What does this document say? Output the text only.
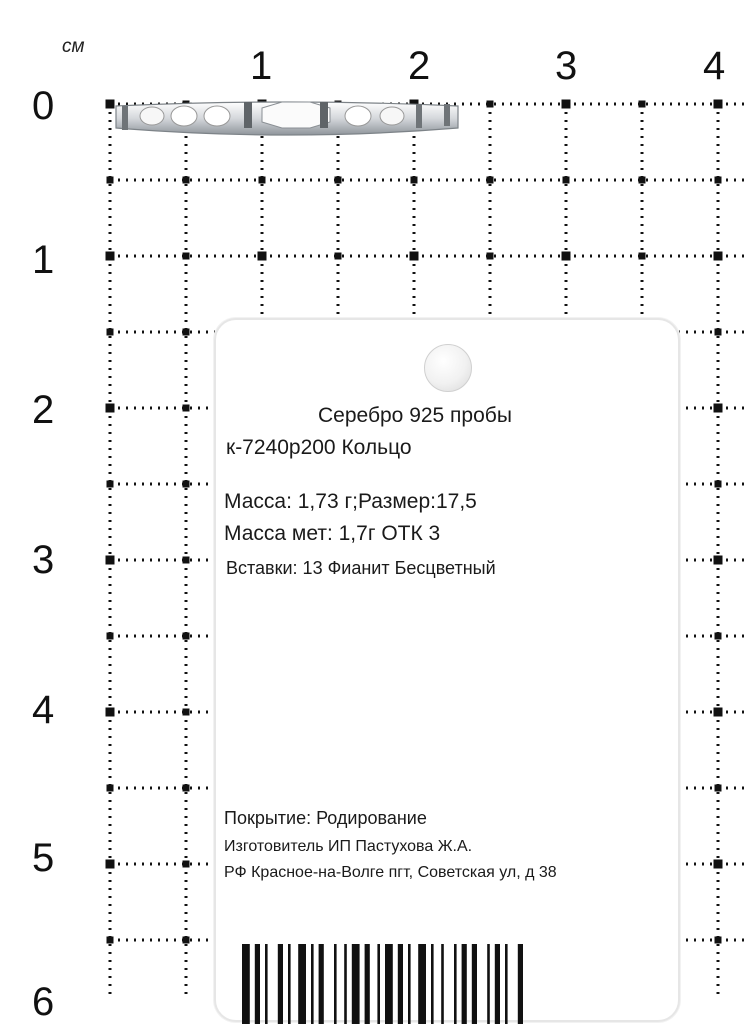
см	1	2	3	4
0
1
2
3
4
5
6
Серебро 925 пробы
к-7240р200 Кольцо
Масса: 1,73 г;Размер:17,5
Масса мет: 1,7г ОТК 3
Вставки: 13 Фианит Бесцветный
Покрытие: Родирование
Изготовитель ИП Пастухова Ж.А.
РФ Красное-на-Волге пгт, Советская ул, д 38
